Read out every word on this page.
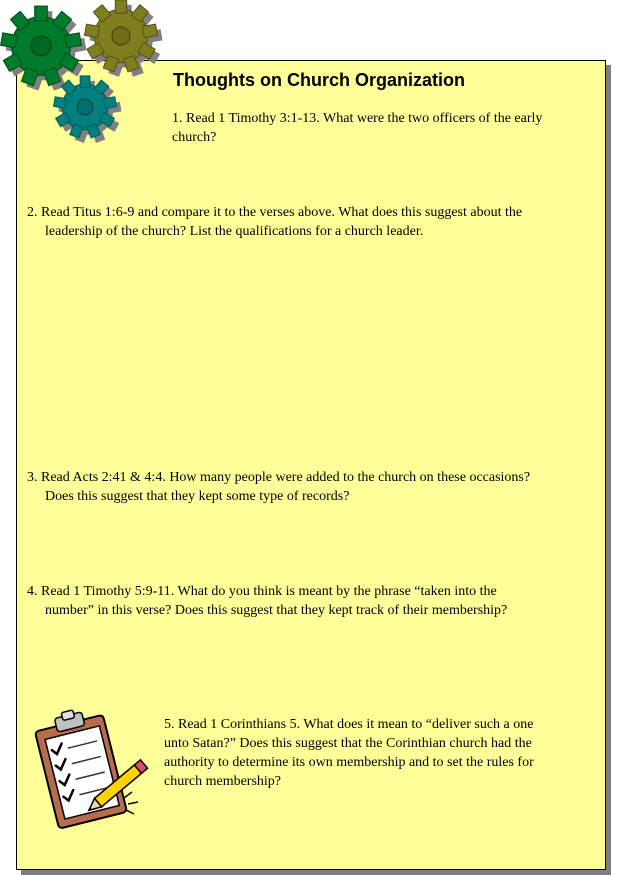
Thoughts on Church Organization
1. Read 1 Timothy 3:1-13. What were the two officers of the early
church?
2. Read Titus 1:6-9 and compare it to the verses above. What does this suggest about the
leadership of the church? List the qualifications for a church leader.
3. Read Acts 2:41 & 4:4. How many people were added to the church on these occasions?
Does this suggest that they kept some type of records?
4. Read 1 Timothy 5:9-11. What do you think is meant by the phrase “taken into the
number” in this verse? Does this suggest that they kept track of their membership?
5. Read 1 Corinthians 5. What does it mean to “deliver such a one
unto Satan?” Does this suggest that the Corinthian church had the
authority to determine its own membership and to set the rules for
church membership?
